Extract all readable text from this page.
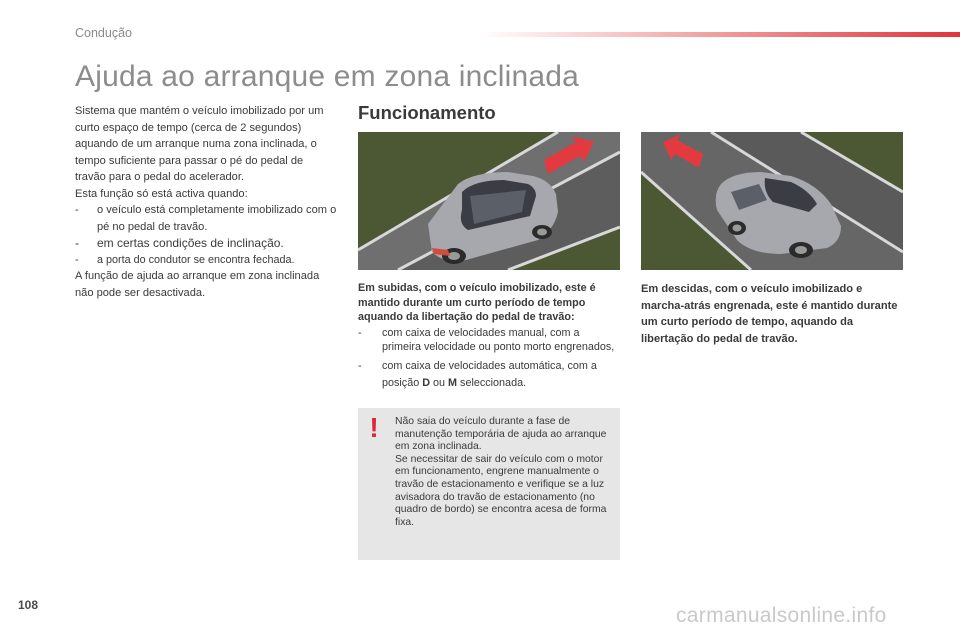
Condução
Ajuda ao arranque em zona inclinada

Sistema que mantém o veículo imobilizado por um curto espaço de tempo (cerca de 2 segundos) aquando de um arranque numa zona inclinada, o tempo suficiente para passar o pé do pedal de travão para o pedal do acelerador.

Esta função só está activa quando:

-	o veículo está completamente imobilizado com o pé no pedal de travão.
-	em certas condições de inclinação.
-	a porta do condutor se encontra fechada.

A função de ajuda ao arranque em zona inclinada não pode ser desactivada.

Funcionamento

Em subidas, com o veículo imobilizado, este é mantido durante um curto período de tempo aquando da libertação do pedal de travão:

-	com caixa de velocidades manual, com a primeira velocidade ou ponto morto engrenados,
-	com caixa de velocidades automática, com a posição D ou M seleccionada.

Em descidas, com o veículo imobilizado e marcha-atrás engrenada, este é mantido durante um curto período de tempo, aquando da libertação do pedal de travão.

!	Não saia do veículo durante a fase de manutenção temporária de ajuda ao arranque em zona inclinada.

Se necessitar de sair do veículo com o motor em funcionamento, engrene manualmente o travão de estacionamento e verifique se a luz avisadora do travão de estacionamento (no quadro de bordo) se encontra acesa de forma fixa.

108	carmanualsonline.info
